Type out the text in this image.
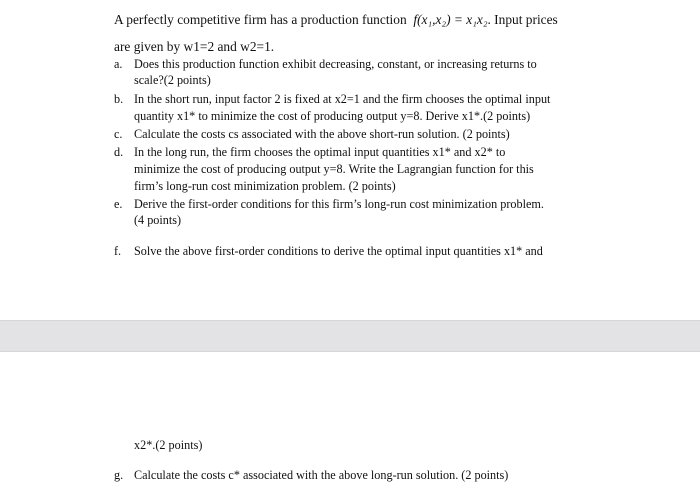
A perfectly competitive firm has a production function f(x₁,x₂) = x₁x₂. Input prices
are given by w1=2 and w2=1.
a. Does this production function exhibit decreasing, constant, or increasing returns to
scale?(2 points)
b. In the short run, input factor 2 is fixed at x2=1 and the firm chooses the optimal input
quantity x1* to minimize the cost of producing output y=8. Derive x1*.(2 points)
c. Calculate the costs cs associated with the above short-run solution. (2 points)
d. In the long run, the firm chooses the optimal input quantities x1* and x2* to
minimize the cost of producing output y=8. Write the Lagrangian function for this
firm’s long-run cost minimization problem. (2 points)
e. Derive the first-order conditions for this firm’s long-run cost minimization problem.
(4 points)
f. Solve the above first-order conditions to derive the optimal input quantities x1* and
x2*.(2 points)
g. Calculate the costs c* associated with the above long-run solution. (2 points)
